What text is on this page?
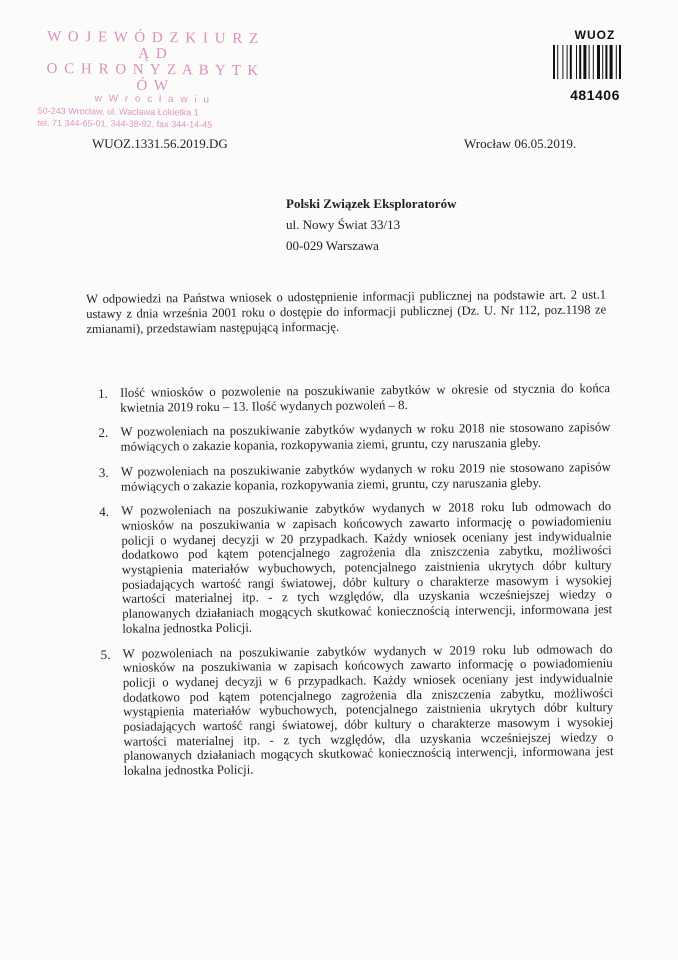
W O J E W Ó D Z K I U R Z Ą D
O C H R O N Y Z A B Y T K Ó W
w W r o c ł a w i u
50-243 Wrocław, ul. Wacława Łokietka 1
tel. 71 344-65-01, 344-38-92, fax 344-14-45
WUOZ
481406
WUOZ.1331.56.2019.DG	Wrocław 06.05.2019.
Polski Związek Eksploratorów
ul. Nowy Świat 33/13
00-029 Warszawa
W odpowiedzi na Państwa wniosek o udostępnienie informacji publicznej na podstawie art. 2 ust.1 ustawy z dnia września 2001 roku o dostępie do informacji publicznej (Dz. U. Nr 112, poz.1198 ze zmianami), przedstawiam następującą informację.
1. Ilość wniosków o pozwolenie na poszukiwanie zabytków w okresie od stycznia do końca kwietnia 2019 roku – 13. Ilość wydanych pozwoleń – 8.
2. W pozwoleniach na poszukiwanie zabytków wydanych w roku 2018 nie stosowano zapisów mówiących o zakazie kopania, rozkopywania ziemi, gruntu, czy naruszania gleby.
3. W pozwoleniach na poszukiwanie zabytków wydanych w roku 2019 nie stosowano zapisów mówiących o zakazie kopania, rozkopywania ziemi, gruntu, czy naruszania gleby.
4. W pozwoleniach na poszukiwanie zabytków wydanych w 2018 roku lub odmowach do wniosków na poszukiwania w zapisach końcowych zawarto informację o powiadomieniu policji o wydanej decyzji w 20 przypadkach. Każdy wniosek oceniany jest indywidualnie dodatkowo pod kątem potencjalnego zagrożenia dla zniszczenia zabytku, możliwości wystąpienia materiałów wybuchowych, potencjalnego zaistnienia ukrytych dóbr kultury posiadających wartość rangi światowej, dóbr kultury o charakterze masowym i wysokiej wartości materialnej itp. - z tych względów, dla uzyskania wcześniejszej wiedzy o planowanych działaniach mogących skutkować koniecznością interwencji, informowana jest lokalna jednostka Policji.
5. W pozwoleniach na poszukiwanie zabytków wydanych w 2019 roku lub odmowach do wniosków na poszukiwania w zapisach końcowych zawarto informację o powiadomieniu policji o wydanej decyzji w 6 przypadkach. Każdy wniosek oceniany jest indywidualnie dodatkowo pod kątem potencjalnego zagrożenia dla zniszczenia zabytku, możliwości wystąpienia materiałów wybuchowych, potencjalnego zaistnienia ukrytych dóbr kultury posiadających wartość rangi światowej, dóbr kultury o charakterze masowym i wysokiej wartości materialnej itp. - z tych względów, dla uzyskania wcześniejszej wiedzy o planowanych działaniach mogących skutkować koniecznością interwencji, informowana jest lokalna jednostka Policji.
